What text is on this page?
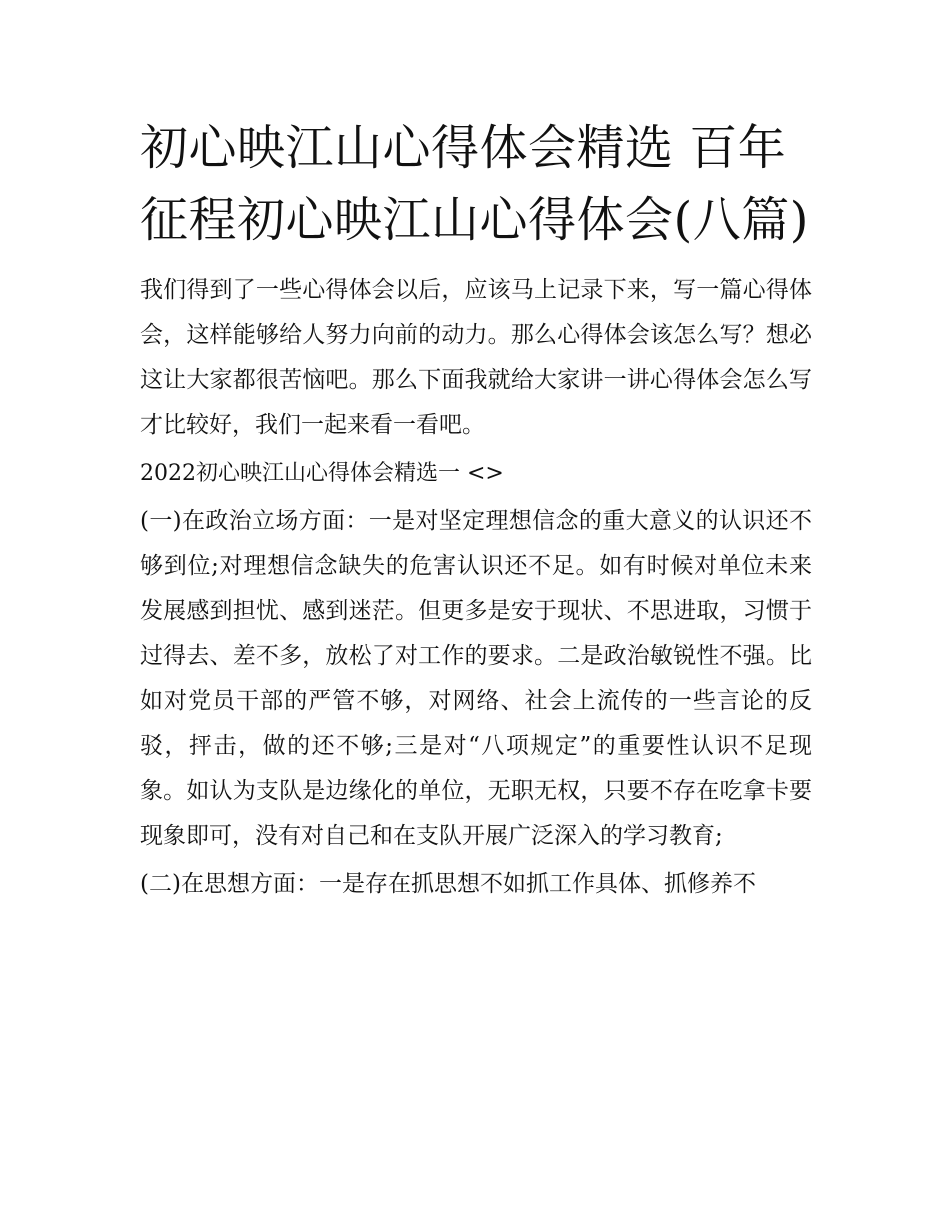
初心映江山心得体会精选 百年征程初心映江山心得体会(八篇)

我们得到了一些心得体会以后，应该马上记录下来，写一篇心得体会，这样能够给人努力向前的动力。那么心得体会该怎么写？想必这让大家都很苦恼吧。那么下面我就给大家讲一讲心得体会怎么写才比较好，我们一起来看一看吧。

2022初心映江山心得体会精选一 <>

(一)在政治立场方面：一是对坚定理想信念的重大意义的认识还不够到位;对理想信念缺失的危害认识还不足。如有时候对单位未来发展感到担忧、感到迷茫。但更多是安于现状、不思进取，习惯于过得去、差不多，放松了对工作的要求。二是政治敏锐性不强。比如对党员干部的严管不够，对网络、社会上流传的一些言论的反驳，抨击，做的还不够;三是对“八项规定”的重要性认识不足现象。如认为支队是边缘化的单位，无职无权，只要不存在吃拿卡要现象即可，没有对自己和在支队开展广泛深入的学习教育;

(二)在思想方面：一是存在抓思想不如抓工作具体、抓修养不
